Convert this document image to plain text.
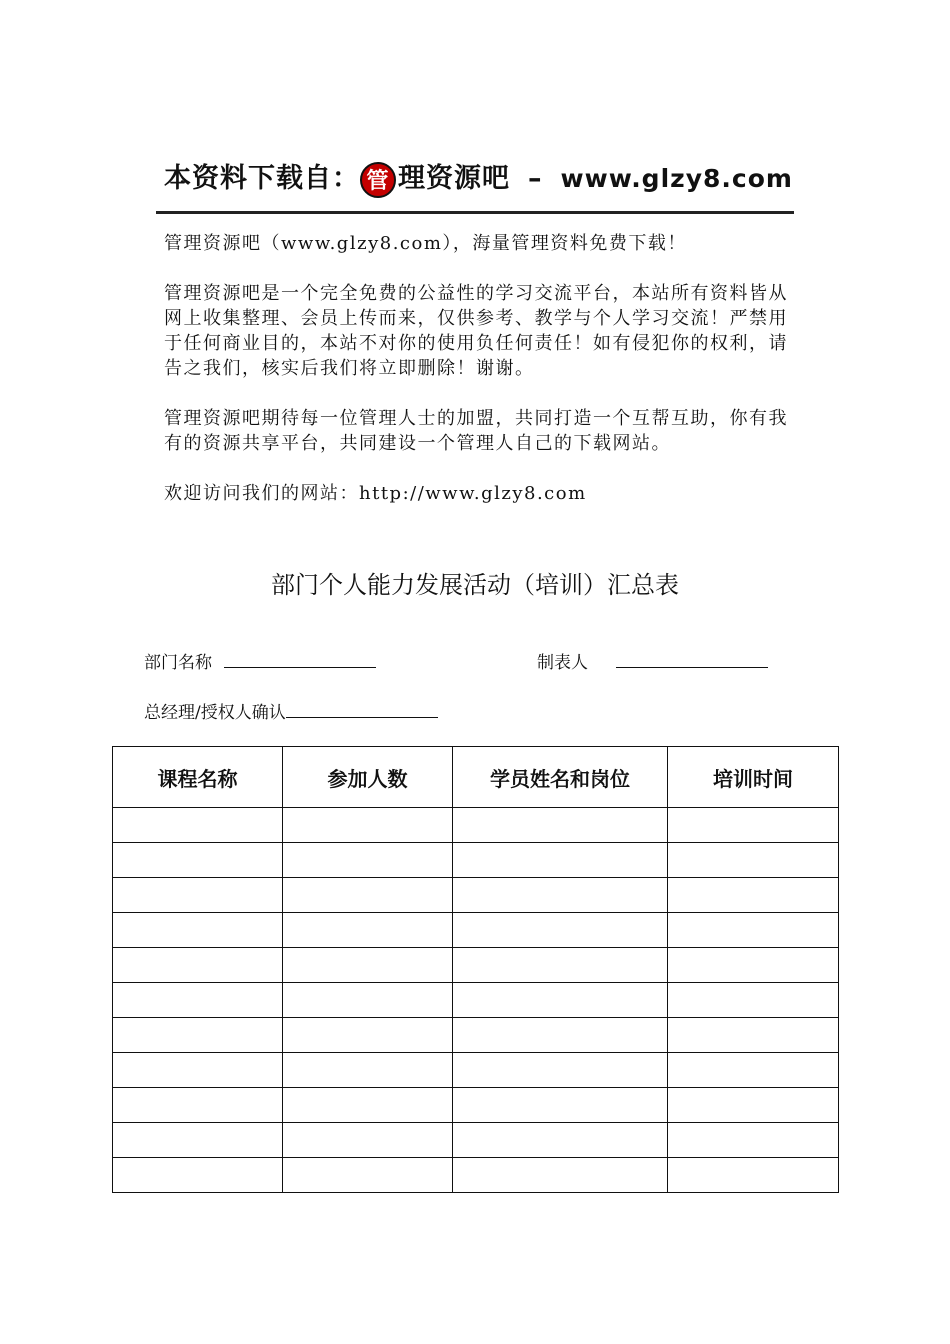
本资料下载自： 管 理资源吧 – www.glzy8.com
管理资源吧（www.glzy8.com），海量管理资料免费下载！
管理资源吧是一个完全免费的公益性的学习交流平台，本站所有资料皆从网上收集整理、会员上传而来，仅供参考、教学与个人学习交流！严禁用于任何商业目的，本站不对你的使用负任何责任！如有侵犯你的权利，请告之我们，核实后我们将立即删除！谢谢。
管理资源吧期待每一位管理人士的加盟，共同打造一个互帮互助，你有我有的资源共享平台，共同建设一个管理人自己的下载网站。
欢迎访问我们的网站：http://www.glzy8.com
部门个人能力发展活动（培训）汇总表
部门名称	制表人
总经理/授权人确认
课程名称	参加人数	学员姓名和岗位	培训时间
